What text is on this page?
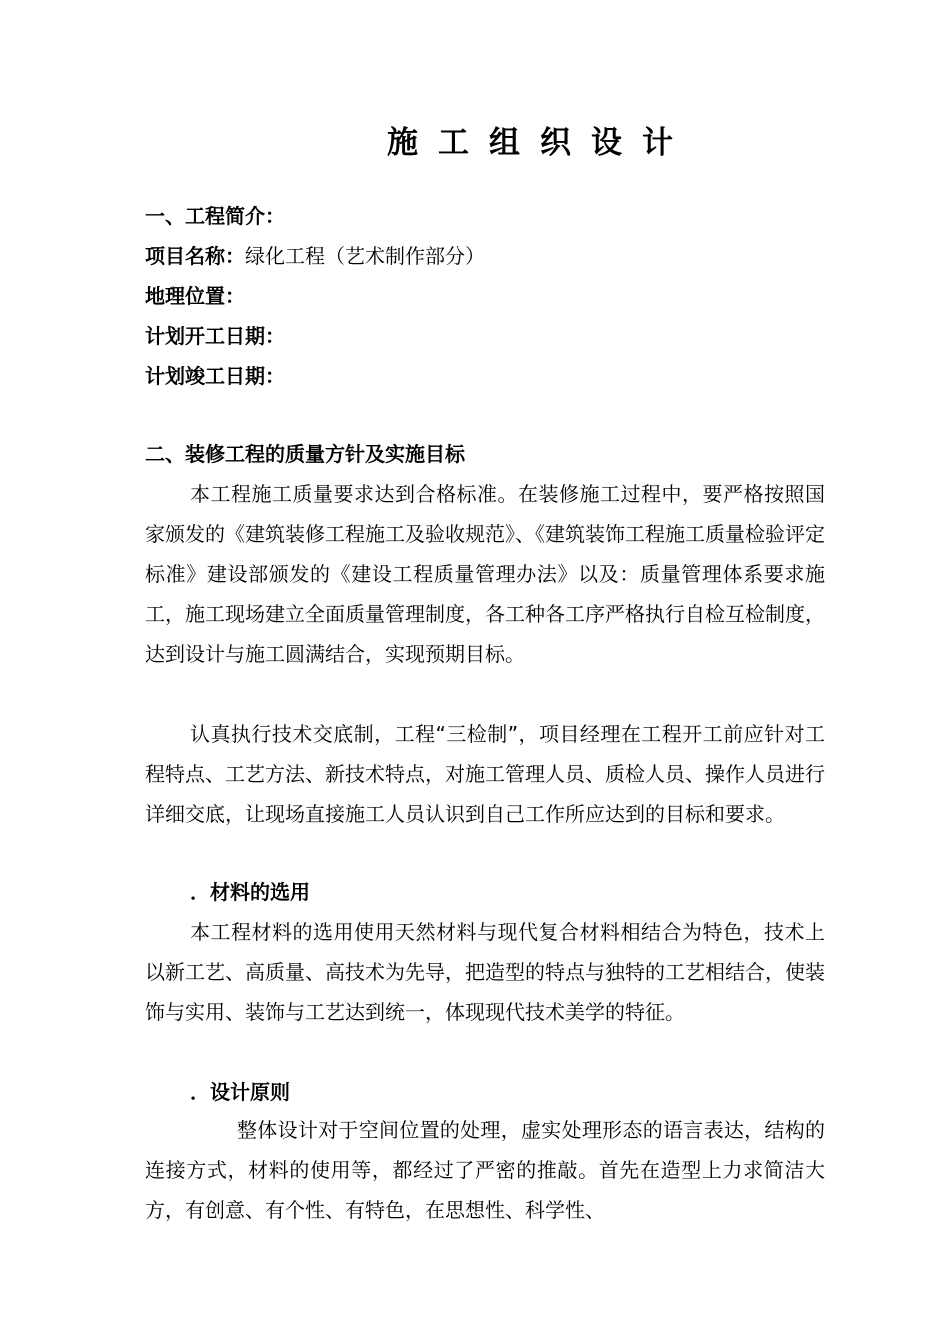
施工组织设计
一、工程简介：
项目名称：绿化工程（艺术制作部分）
地理位置：
计划开工日期：
计划竣工日期：
二、装修工程的质量方针及实施目标
本工程施工质量要求达到合格标准。在装修施工过程中，要严格按照国家颁发的《建筑装修工程施工及验收规范》、《建筑装饰工程施工质量检验评定标准》建设部颁发的《建设工程质量管理办法》以及：质量管理体系要求施工，施工现场建立全面质量管理制度，各工种各工序严格执行自检互检制度，达到设计与施工圆满结合，实现预期目标。
认真执行技术交底制，工程“三检制”，项目经理在工程开工前应针对工程特点、工艺方法、新技术特点，对施工管理人员、质检人员、操作人员进行详细交底，让现场直接施工人员认识到自己工作所应达到的目标和要求。
．材料的选用
本工程材料的选用使用天然材料与现代复合材料相结合为特色，技术上以新工艺、高质量、高技术为先导，把造型的特点与独特的工艺相结合，使装饰与实用、装饰与工艺达到统一，体现现代技术美学的特征。
．设计原则
整体设计对于空间位置的处理，虚实处理形态的语言表达，结构的连接方式，材料的使用等，都经过了严密的推敲。首先在造型上力求简洁大方，有创意、有个性、有特色，在思想性、科学性、
